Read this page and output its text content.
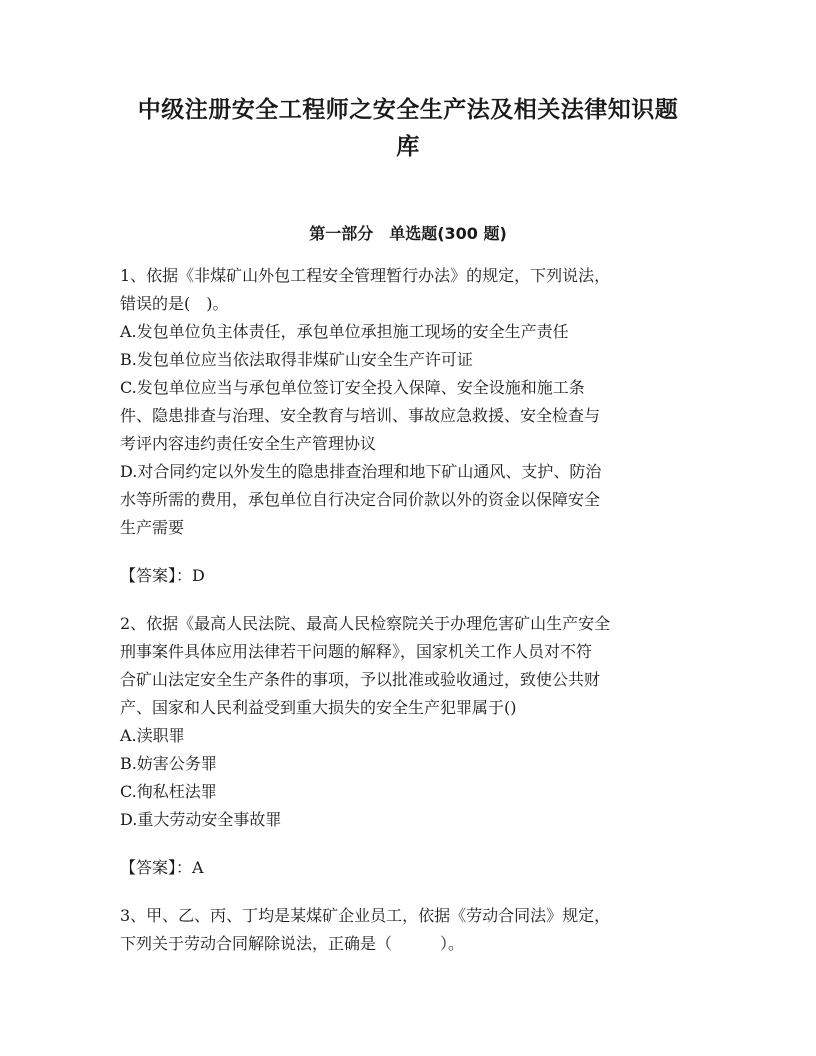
中级注册安全工程师之安全生产法及相关法律知识题
库
第一部分　单选题(300 题)

1、依据《非煤矿山外包工程安全管理暂行办法》的规定，下列说法，

错误的是(　)。

A.发包单位负主体责任，承包单位承担施工现场的安全生产责任

B.发包单位应当依法取得非煤矿山安全生产许可证

C.发包单位应当与承包单位签订安全投入保障、安全设施和施工条

件、隐患排查与治理、安全教育与培训、事故应急救援、安全检查与

考评内容违约责任安全生产管理协议

D.对合同约定以外发生的隐患排查治理和地下矿山通风、支护、防治

水等所需的费用，承包单位自行决定合同价款以外的资金以保障安全

生产需要

【答案】：D

2、依据《最高人民法院、最高人民检察院关于办理危害矿山生产安全

刑事案件具体应用法律若干问题的解释》，国家机关工作人员对不符

合矿山法定安全生产条件的事项，予以批准或验收通过，致使公共财

产、国家和人民利益受到重大损失的安全生产犯罪属于()

A.渎职罪

B.妨害公务罪

C.徇私枉法罪

D.重大劳动安全事故罪

【答案】：A

3、甲、乙、丙、丁均是某煤矿企业员工，依据《劳动合同法》规定，

下列关于劳动合同解除说法，正确是（　　　）。
